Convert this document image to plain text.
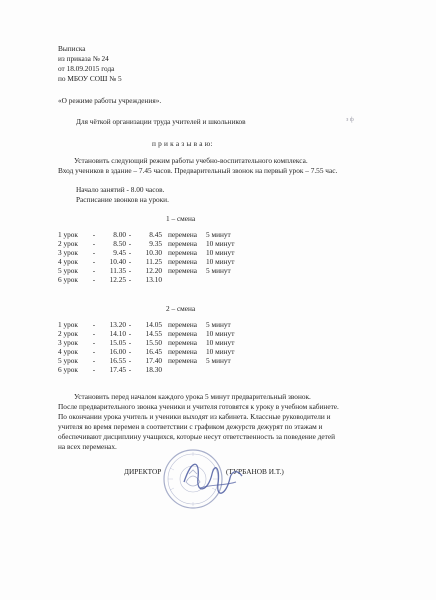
Выписка
из приказа № 24
от 18.09.2015 года
по МБОУ СОШ № 5
«О режиме работы учреждения».
Для чёткой организации труда учителей и школьников	з ф
п р и к а з ы в а ю:
Установить следующий режим работы учебно-воспитательного комплекса.
Вход учеников в здание – 7.45 часов. Предварительный звонок на первый урок – 7.55 час.
Начало занятий - 8.00 часов.
Расписание звонков на уроки.
1 – смена
1 урок	-	8.00	-	8.45	перемена	5 минут
2 урок	-	8.50	-	9.35	перемена	10 минут
3 урок	-	9.45	-	10.30	перемена	10 минут
4 урок	-	10.40	-	11.25	перемена	10 минут
5 урок	-	11.35	-	12.20	перемена	5 минут
6 урок	-	12.25	-	13.10		
2 – смена
1 урок	-	13.20	-	14.05	перемена	5 минут
2 урок	-	14.10	-	14.55	перемена	10 минут
3 урок	-	15.05	-	15.50	перемена	10 минут
4 урок	-	16.00	-	16.45	перемена	10 минут
5 урок	-	16.55	-	17.40	перемена	5 минут
6 урок	-	17.45	-	18.30		
Установить перед началом каждого урока 5 минут предварительный звонок.
После предварительного звонка ученики и учителя готовятся к уроку в учебном кабинете.
По окончании урока учитель и ученики выходят из кабинета. Классные руководители и
учителя во время перемен в соответствии с графиком дежурств дежурят по этажам и
обеспечивают дисциплину учащихся, которые несут ответственность за поведение детей
на всех переменах.
ДИРЕКТОР	(ТУРБАНОВ И.Т.)
